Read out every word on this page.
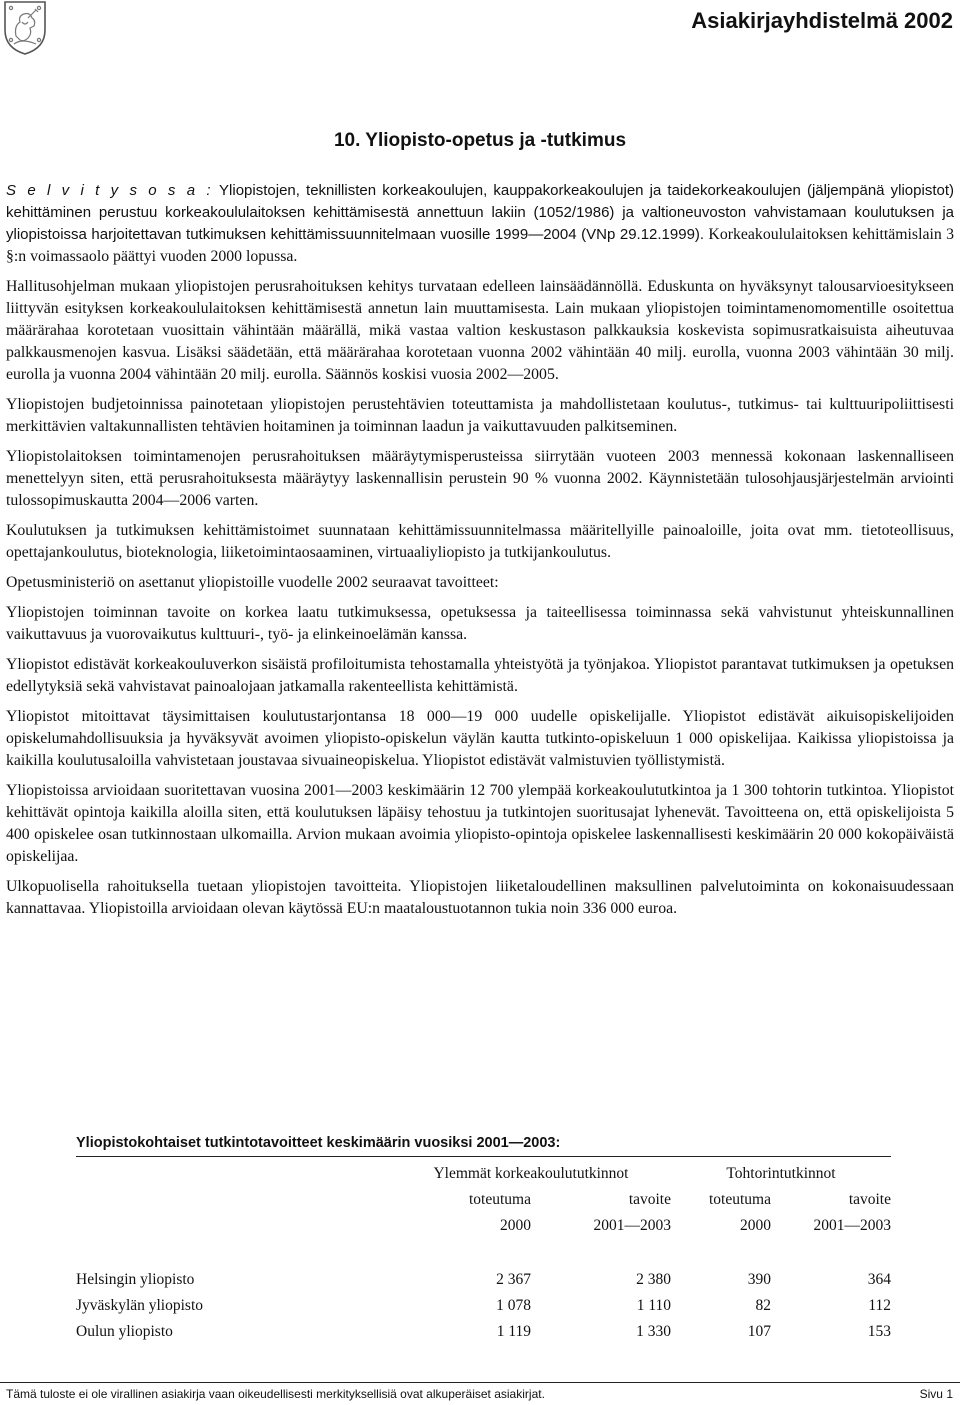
Asiakirjayhdistelmä 2002
10. Yliopisto-opetus ja -tutkimus

S e l v i t y s o s a : Yliopistojen, teknillisten korkeakoulujen, kauppakorkeakoulujen ja taidekorkeakoulujen (jäljempänä yliopistot) kehittäminen perustuu korkeakoululaitoksen kehittämisestä annettuun lakiin (1052/1986) ja valtioneuvoston vahvistamaan koulutuksen ja yliopistoissa harjoitettavan tutkimuksen kehittämissuunnitelmaan vuosille 1999—2004 (VNp 29.12.1999). Korkeakoululaitoksen kehittämislain 3 §:n voimassaolo päättyi vuoden 2000 lopussa.

Hallitusohjelman mukaan yliopistojen perusrahoituksen kehitys turvataan edelleen lainsäädännöllä. Eduskunta on hyväksynyt talousarvioesitykseen liittyvän esityksen korkeakoululaitoksen kehittämisestä annetun lain muuttamisesta. Lain mukaan yliopistojen toimintamenomomentille osoitettua määrärahaa korotetaan vuosittain vähintään määrällä, mikä vastaa valtion keskustason palkkauksia koskevista sopimusratkaisuista aiheutuvaa palkkausmenojen kasvua. Lisäksi säädetään, että määrärahaa korotetaan vuonna 2002 vähintään 40 milj. eurolla, vuonna 2003 vähintään 30 milj. eurolla ja vuonna 2004 vähintään 20 milj. eurolla. Säännös koskisi vuosia 2002—2005.

Yliopistojen budjetoinnissa painotetaan yliopistojen perustehtävien toteuttamista ja mahdollistetaan koulutus-, tutkimus- tai kulttuuripoliittisesti merkittävien valtakunnallisten tehtävien hoitaminen ja toiminnan laadun ja vaikuttavuuden palkitseminen.

Yliopistolaitoksen toimintamenojen perusrahoituksen määräytymisperusteissa siirrytään vuoteen 2003 mennessä kokonaan laskennalliseen menettelyyn siten, että perusrahoituksesta määräytyy laskennallisin perustein 90 % vuonna 2002. Käynnistetään tulosohjausjärjestelmän arviointi tulossopimuskautta 2004—2006 varten.

Koulutuksen ja tutkimuksen kehittämistoimet suunnataan kehittämissuunnitelmassa määritellyille painoaloille, joita ovat mm. tietoteollisuus, opettajankoulutus, bioteknologia, liiketoimintaosaaminen, virtuaaliyliopisto ja tutkijankoulutus.

Opetusministeriö on asettanut yliopistoille vuodelle 2002 seuraavat tavoitteet:

Yliopistojen toiminnan tavoite on korkea laatu tutkimuksessa, opetuksessa ja taiteellisessa toiminnassa sekä vahvistunut yhteiskunnallinen vaikuttavuus ja vuorovaikutus kulttuuri-, työ- ja elinkeinoelämän kanssa.

Yliopistot edistävät korkeakouluverkon sisäistä profiloitumista tehostamalla yhteistyötä ja työnjakoa. Yliopistot parantavat tutkimuksen ja opetuksen edellytyksiä sekä vahvistavat painoalojaan jatkamalla rakenteellista kehittämistä.

Yliopistot mitoittavat täysimittaisen koulutustarjontansa 18 000—19 000 uudelle opiskelijalle. Yliopistot edistävät aikuisopiskelijoiden opiskelumahdollisuuksia ja hyväksyvät avoimen yliopisto-opiskelun väylän kautta tutkinto-opiskeluun 1 000 opiskelijaa. Kaikissa yliopistoissa ja kaikilla koulutusaloilla vahvistetaan joustavaa sivuaineopiskelua. Yliopistot edistävät valmistuvien työllistymistä.

Yliopistoissa arvioidaan suoritettavan vuosina 2001—2003 keskimäärin 12 700 ylempää korkeakoulututkintoa ja 1 300 tohtorin tutkintoa. Yliopistot kehittävät opintoja kaikilla aloilla siten, että koulutuksen läpäisy tehostuu ja tutkintojen suoritusajat lyhenevät. Tavoitteena on, että opiskelijoista 5 400 opiskelee osan tutkinnostaan ulkomailla. Arvion mukaan avoimia yliopisto-opintoja opiskelee laskennallisesti keskimäärin 20 000 kokopäiväistä opiskelijaa.

Ulkopuolisella rahoituksella tuetaan yliopistojen tavoitteita. Yliopistojen liiketaloudellinen maksullinen palvelutoiminta on kokonaisuudessaan kannattavaa. Yliopistoilla arvioidaan olevan käytössä EU:n maataloustuotannon tukia noin 336 000 euroa.

Yliopistokohtaiset tutkintotavoitteet keskimäärin vuosiksi 2001—2003:
	Ylemmät korkeakoulututkinnot		Tohtorintutkinnot	
	toteutuma	tavoite	toteutuma	tavoite
	2000	2001—2003	2000	2001—2003

Helsingin yliopisto	2 367	2 380	390	364
Jyväskylän yliopisto	1 078	1 110	82	112
Oulun yliopisto	1 119	1 330	107	153
Tämä tuloste ei ole virallinen asiakirja vaan oikeudellisesti merkityksellisiä ovat alkuperäiset asiakirjat.	Sivu 1
